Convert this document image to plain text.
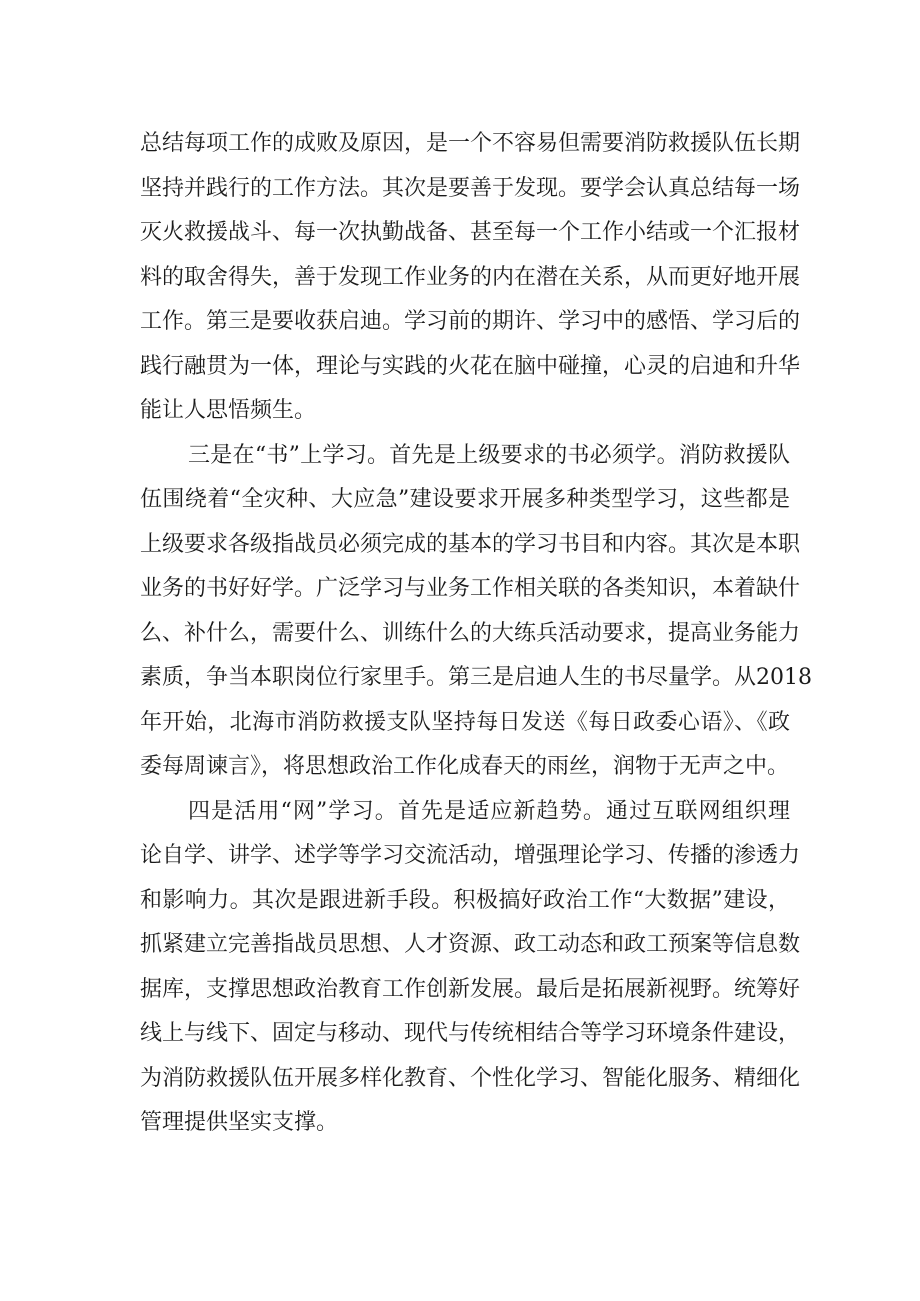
总结每项工作的成败及原因，是一个不容易但需要消防救援队伍长期
坚持并践行的工作方法。其次是要善于发现。要学会认真总结每一场
灭火救援战斗、每一次执勤战备、甚至每一个工作小结或一个汇报材
料的取舍得失，善于发现工作业务的内在潜在关系，从而更好地开展
工作。第三是要收获启迪。学习前的期许、学习中的感悟、学习后的
践行融贯为一体，理论与实践的火花在脑中碰撞，心灵的启迪和升华
能让人思悟频生。
三是在“书”上学习。首先是上级要求的书必须学。消防救援队
伍围绕着“全灾种、大应急”建设要求开展多种类型学习，这些都是
上级要求各级指战员必须完成的基本的学习书目和内容。其次是本职
业务的书好好学。广泛学习与业务工作相关联的各类知识，本着缺什
么、补什么，需要什么、训练什么的大练兵活动要求，提高业务能力
素质，争当本职岗位行家里手。第三是启迪人生的书尽量学。从2018
年开始，北海市消防救援支队坚持每日发送《每日政委心语》、《政
委每周谏言》，将思想政治工作化成春天的雨丝，润物于无声之中。
四是活用“网”学习。首先是适应新趋势。通过互联网组织理
论自学、讲学、述学等学习交流活动，增强理论学习、传播的渗透力
和影响力。其次是跟进新手段。积极搞好政治工作“大数据”建设，
抓紧建立完善指战员思想、人才资源、政工动态和政工预案等信息数
据库，支撑思想政治教育工作创新发展。最后是拓展新视野。统筹好
线上与线下、固定与移动、现代与传统相结合等学习环境条件建设，
为消防救援队伍开展多样化教育、个性化学习、智能化服务、精细化
管理提供坚实支撑。
